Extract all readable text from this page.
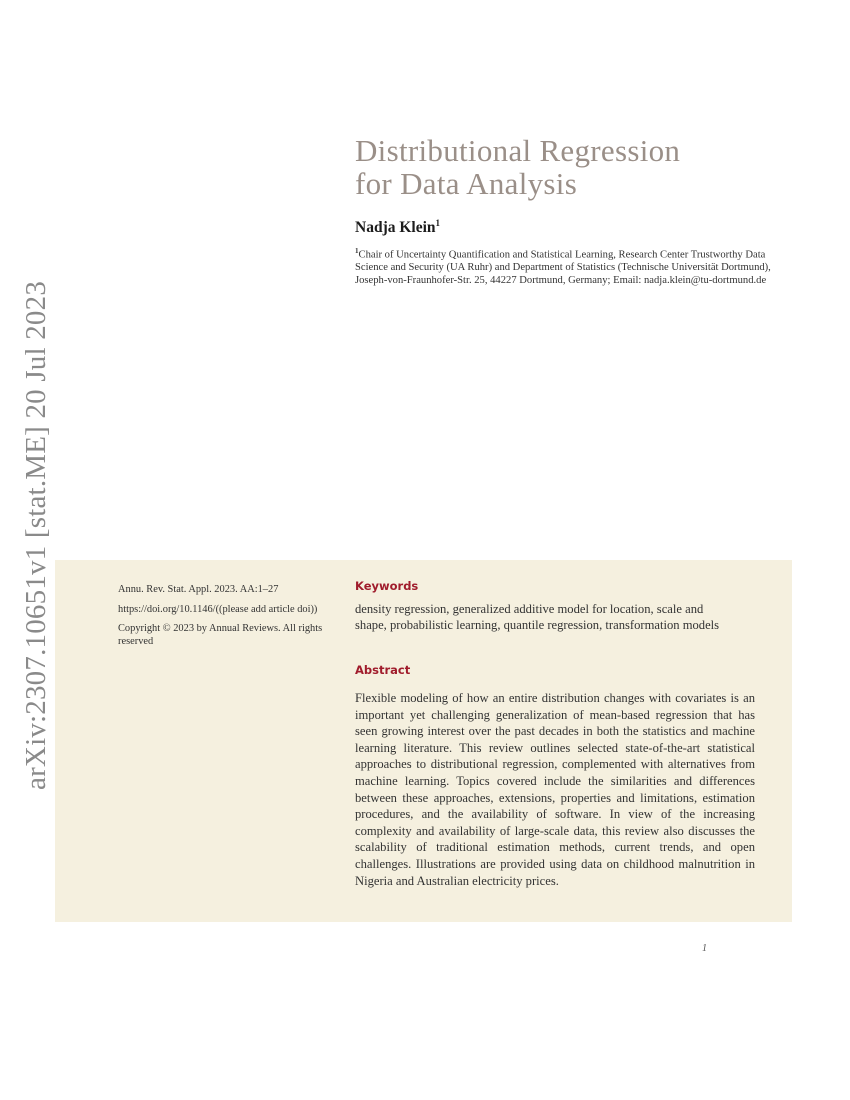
arXiv:2307.10651v1 [stat.ME] 20 Jul 2023
Distributional Regression
for Data Analysis
Nadja Klein$^1$
$^1$Chair of Uncertainty Quantification and Statistical Learning, Research Center Trustworthy Data Science and Security (UA Ruhr) and Department of Statistics (Technische Universität Dortmund), Joseph-von-Fraunhofer-Str. 25, 44227 Dortmund, Germany; Email: nadja.klein@tu-dortmund.de

Annu. Rev. Stat. Appl. 2023. AA:1–27

https://doi.org/10.1146/((please add article doi))

Copyright © 2023 by Annual Reviews. All rights reserved

Keywords
density regression, generalized additive model for location, scale and shape, probabilistic learning, quantile regression, transformation models
Abstract
Flexible modeling of how an entire distribution changes with covariates is an important yet challenging generalization of mean-based regression that has seen growing interest over the past decades in both the statistics and machine learning literature. This review outlines selected state-of-the-art statistical approaches to distributional regression, complemented with alternatives from machine learning. Topics covered include the similarities and differences between these approaches, extensions, properties and limitations, estimation procedures, and the availability of software. In view of the increasing complexity and availability of large-scale data, this review also discusses the scalability of traditional estimation methods, current trends, and open challenges. Illustrations are provided using data on childhood malnutrition in Nigeria and Australian electricity prices.
1
